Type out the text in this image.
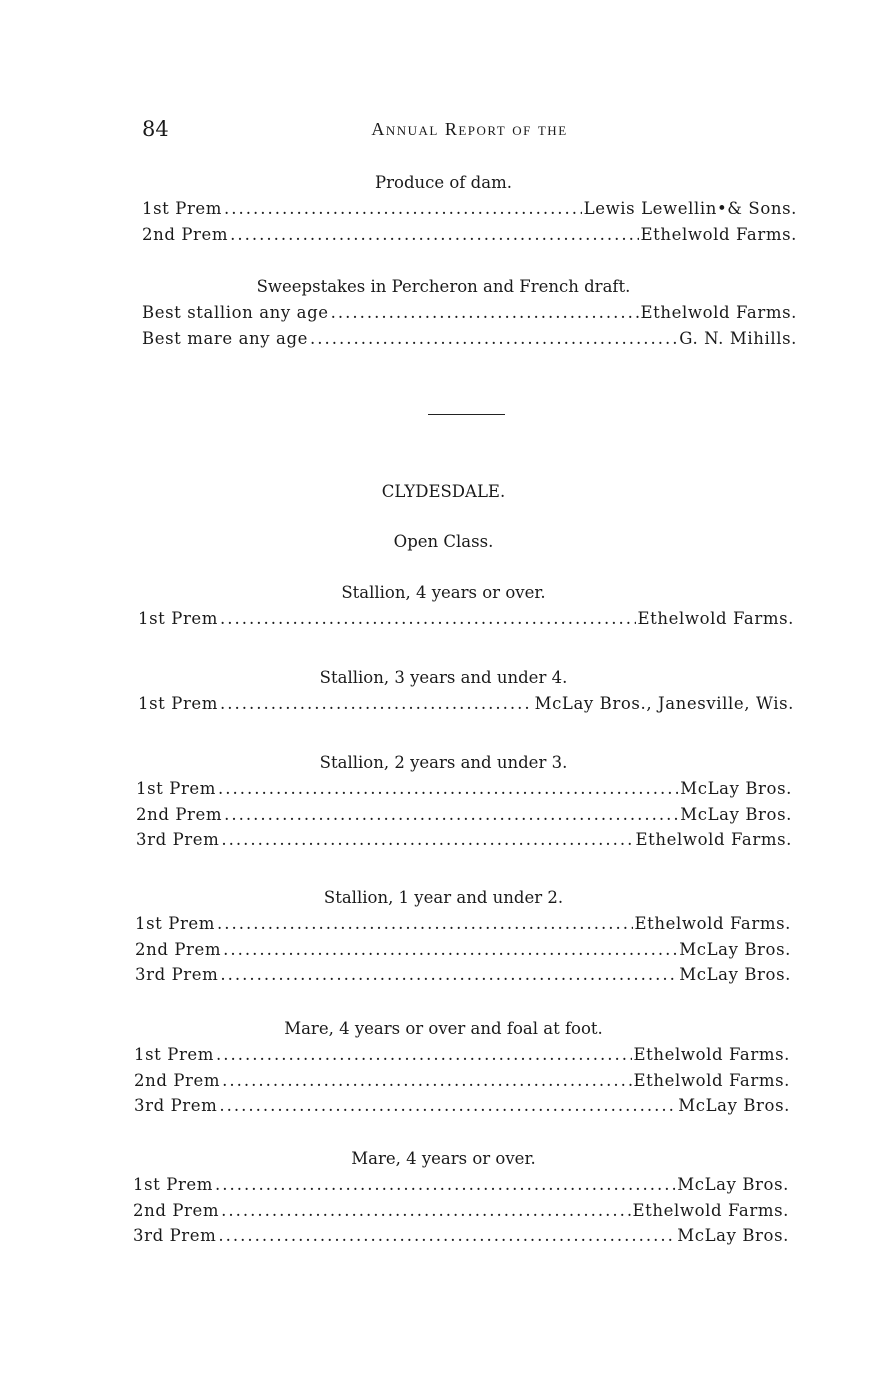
84	Annual Report of the
Produce of dam.
1st Prem .....	Lewis Lewellin•& Sons.
2nd Prem .....	Ethelwold Farms.
Sweepstakes in Percheron and French draft.
Best stallion any age .....	Ethelwold Farms.
Best mare any age .....	G. N. Mihills.
CLYDESDALE.
Open Class.
Stallion, 4 years or over.
1st Prem .....	Ethelwold Farms.
Stallion, 3 years and under 4.
1st Prem .....	McLay Bros., Janesville, Wis.
Stallion, 2 years and under 3.
1st Prem .....	McLay Bros.
2nd Prem .....	McLay Bros.
3rd Prem .....	Ethelwold Farms.
Stallion, 1 year and under 2.
1st Prem .....	Ethelwold Farms.
2nd Prem .....	McLay Bros.
3rd Prem .....	McLay Bros.
Mare, 4 years or over and foal at foot.
1st Prem .....	Ethelwold Farms.
2nd Prem .....	Ethelwold Farms.
3rd Prem .....	McLay Bros.
Mare, 4 years or over.
1st Prem .....	McLay Bros.
2nd Prem .....	Ethelwold Farms.
3rd Prem .....	McLay Bros.
